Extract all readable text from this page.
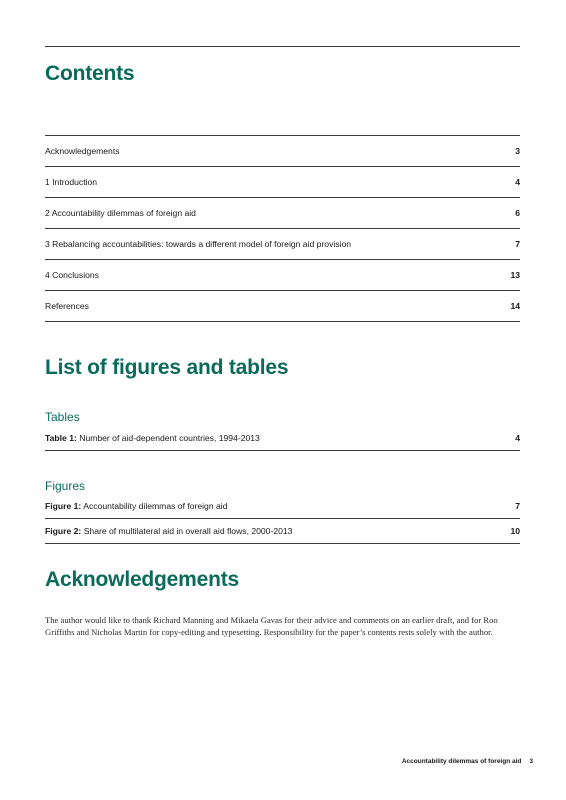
Contents
Acknowledgements	3
1 Introduction	4
2 Accountability dilemmas of foreign aid	6
3 Rebalancing accountabilities: towards a different model of foreign aid provision	7
4 Conclusions	13
References	14
List of figures and tables
Tables
Table 1: Number of aid-dependent countries, 1994-2013	4
Figures
Figure 1: Accountability dilemmas of foreign aid	7
Figure 2: Share of multilateral aid in overall aid flows, 2000-2013	10
Acknowledgements

The author would like to thank Richard Manning and Mikaela Gavas for their advice and comments on an earlier draft, and for Roo Griffiths and Nicholas Martin for copy-editing and typesetting. Responsibility for the paper’s contents rests solely with the author.

Accountability dilemmas of foreign aid 3
